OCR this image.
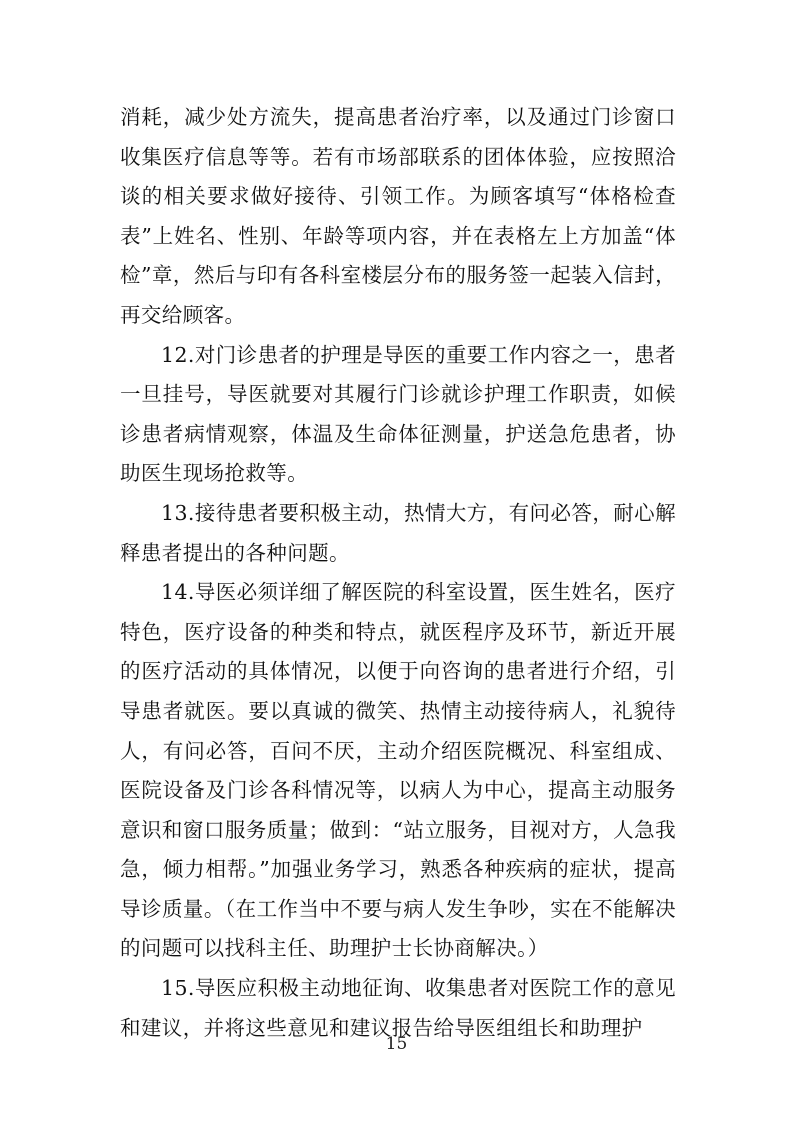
消耗，减少处方流失，提高患者治疗率，以及通过门诊窗口收集医疗信息等等。若有市场部联系的团体体验，应按照洽谈的相关要求做好接待、引领工作。为顾客填写“体格检查表”上姓名、性别、年龄等项内容，并在表格左上方加盖“体检”章，然后与印有各科室楼层分布的服务签一起装入信封，再交给顾客。

12.对门诊患者的护理是导医的重要工作内容之一，患者一旦挂号，导医就要对其履行门诊就诊护理工作职责，如候诊患者病情观察，体温及生命体征测量，护送急危患者，协助医生现场抢救等。

13.接待患者要积极主动，热情大方，有问必答，耐心解释患者提出的各种问题。

14.导医必须详细了解医院的科室设置，医生姓名，医疗特色，医疗设备的种类和特点，就医程序及环节，新近开展的医疗活动的具体情况，以便于向咨询的患者进行介绍，引导患者就医。要以真诚的微笑、热情主动接待病人，礼貌待人，有问必答，百问不厌，主动介绍医院概况、科室组成、医院设备及门诊各科情况等，以病人为中心，提高主动服务意识和窗口服务质量；做到：“站立服务，目视对方，人急我急，倾力相帮。”加强业务学习，熟悉各种疾病的症状，提高导诊质量。（在工作当中不要与病人发生争吵，实在不能解决的问题可以找科主任、助理护士长协商解决。）

15.导医应积极主动地征询、收集患者对医院工作的意见和建议，并将这些意见和建议报告给导医组组长和助理护

15
